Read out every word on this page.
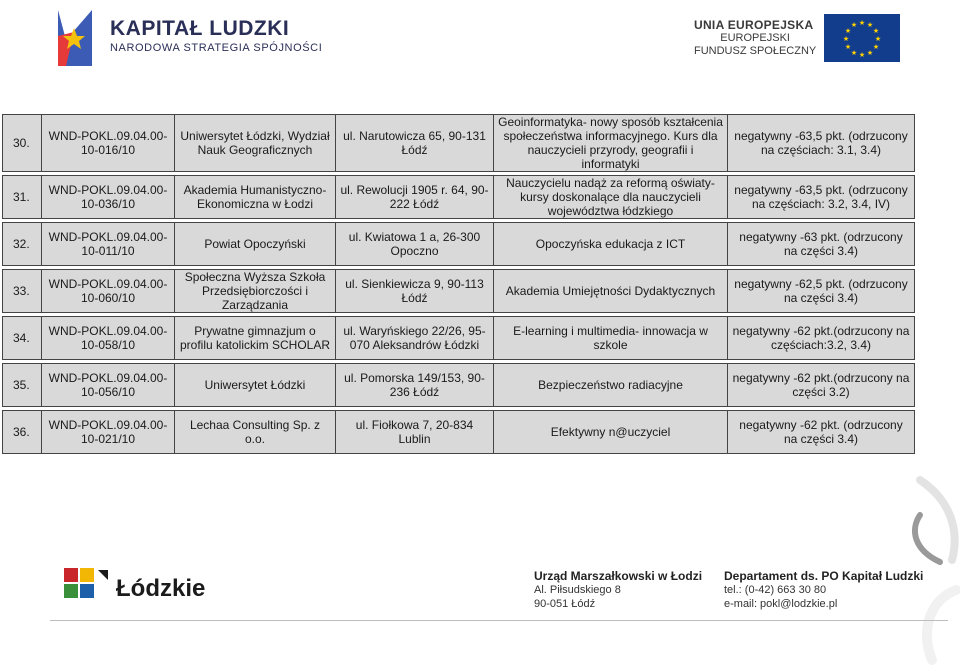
KAPITAŁ LUDZKI
NARODOWA STRATEGIA SPÓJNOŚCI
UNIA EUROPEJSKA
EUROPEJSKI
FUNDUSZ SPOŁECZNY
★ ★
★
★
★
★
★
★
★
★
★
★
30.	WND-POKL.09.04.00-10-016/10	Uniwersytet Łódzki, Wydział Nauk Geograficznych	ul. Narutowicza 65, 90-131 Łódź	Geoinformatyka- nowy sposób kształcenia społeczeństwa informacyjnego. Kurs dla nauczycieli przyrody, geografii i informatyki	negatywny -63,5 pkt. (odrzucony na częściach: 3.1, 3.4)

31.	WND-POKL.09.04.00-10-036/10	Akademia Humanistyczno-Ekonomiczna w Łodzi	ul. Rewolucji 1905 r. 64, 90-222 Łódź	Nauczycielu nadąż za reformą oświaty- kursy doskonalące dla nauczycieli województwa łódzkiego	negatywny -63,5 pkt. (odrzucony na częściach: 3.2, 3.4, IV)

32.	WND-POKL.09.04.00-10-011/10	Powiat Opoczyński	ul. Kwiatowa 1 a, 26-300 Opoczno	Opoczyńska edukacja z ICT	negatywny -63 pkt. (odrzucony na części 3.4)

33.	WND-POKL.09.04.00-10-060/10	Społeczna Wyższa Szkoła Przedsiębiorczości i Zarządzania	ul. Sienkiewicza 9, 90-113 Łódź	Akademia Umiejętności Dydaktycznych	negatywny -62,5 pkt. (odrzucony na części 3.4)

34.	WND-POKL.09.04.00-10-058/10	Prywatne gimnazjum o profilu katolickim SCHOLAR	ul. Waryńskiego 22/26, 95-070 Aleksandrów Łódzki	E-learning i multimedia- innowacja w szkole	negatywny -62 pkt.(odrzucony na częściach:3.2, 3.4)

35.	WND-POKL.09.04.00-10-056/10	Uniwersytet Łódzki	ul. Pomorska 149/153, 90-236 Łódź	Bezpieczeństwo radiacyjne	negatywny -62 pkt.(odrzucony na części 3.2)

36.	WND-POKL.09.04.00-10-021/10	Lechaa Consulting Sp. z o.o.	ul. Fiołkowa 7, 20-834 Lublin	Efektywny n@uczyciel	negatywny -62 pkt. (odrzucony na części 3.4)
Łódzkie	Urząd Marszałkowski w Łodzi
Al. Piłsudskiego 8
90-051 Łódź
Departament ds. PO Kapitał Ludzki
tel.: (0-42) 663 30 80
e-mail: pokl@lodzkie.pl
